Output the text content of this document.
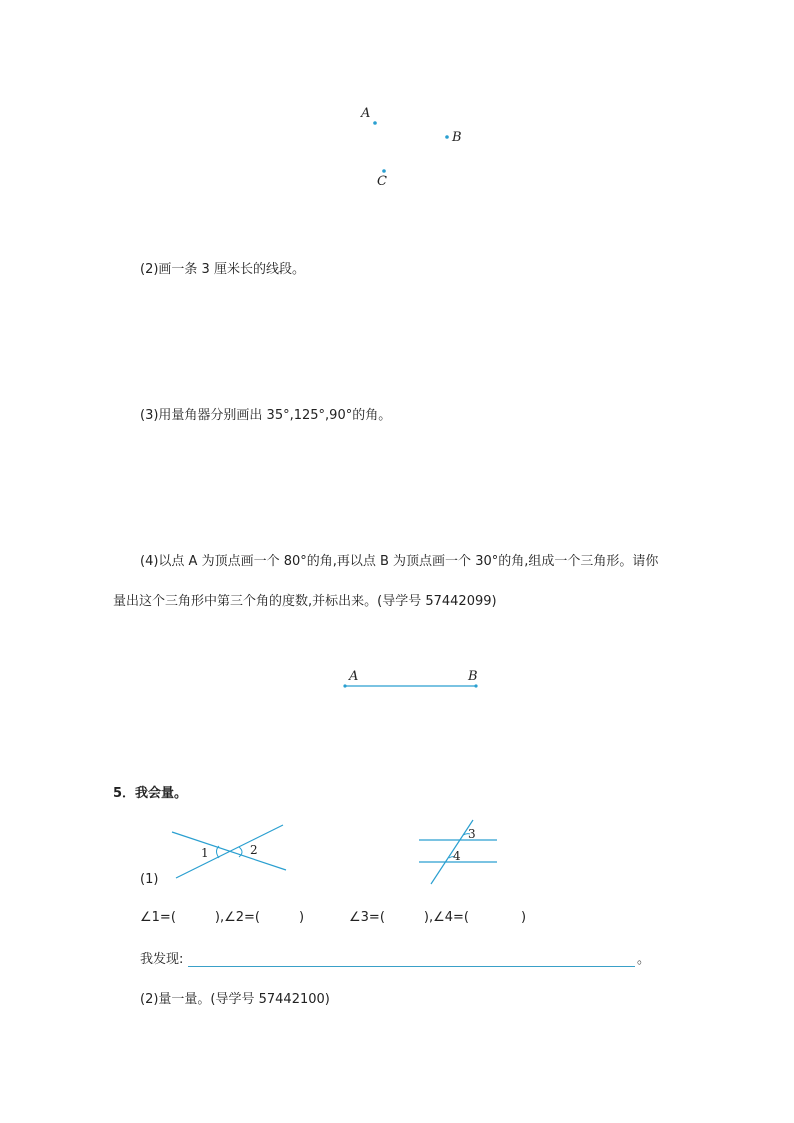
A
B
C
(2)画一条 3 厘米长的线段。
(3)用量角器分别画出 35°,125°,90°的角。
(4)以点 A 为顶点画一个 80°的角,再以点 B 为顶点画一个 30°的角,组成一个三角形。请你
量出这个三角形中第三个角的度数,并标出来。(导学号 57442099)
A	B
5．我会量。
1	2
3
4
(1)
∠1=(　　　),∠2=(　　　)	∠3=(　　　),∠4=(　　　　)
我发现:	。
(2)量一量。(导学号 57442100)
